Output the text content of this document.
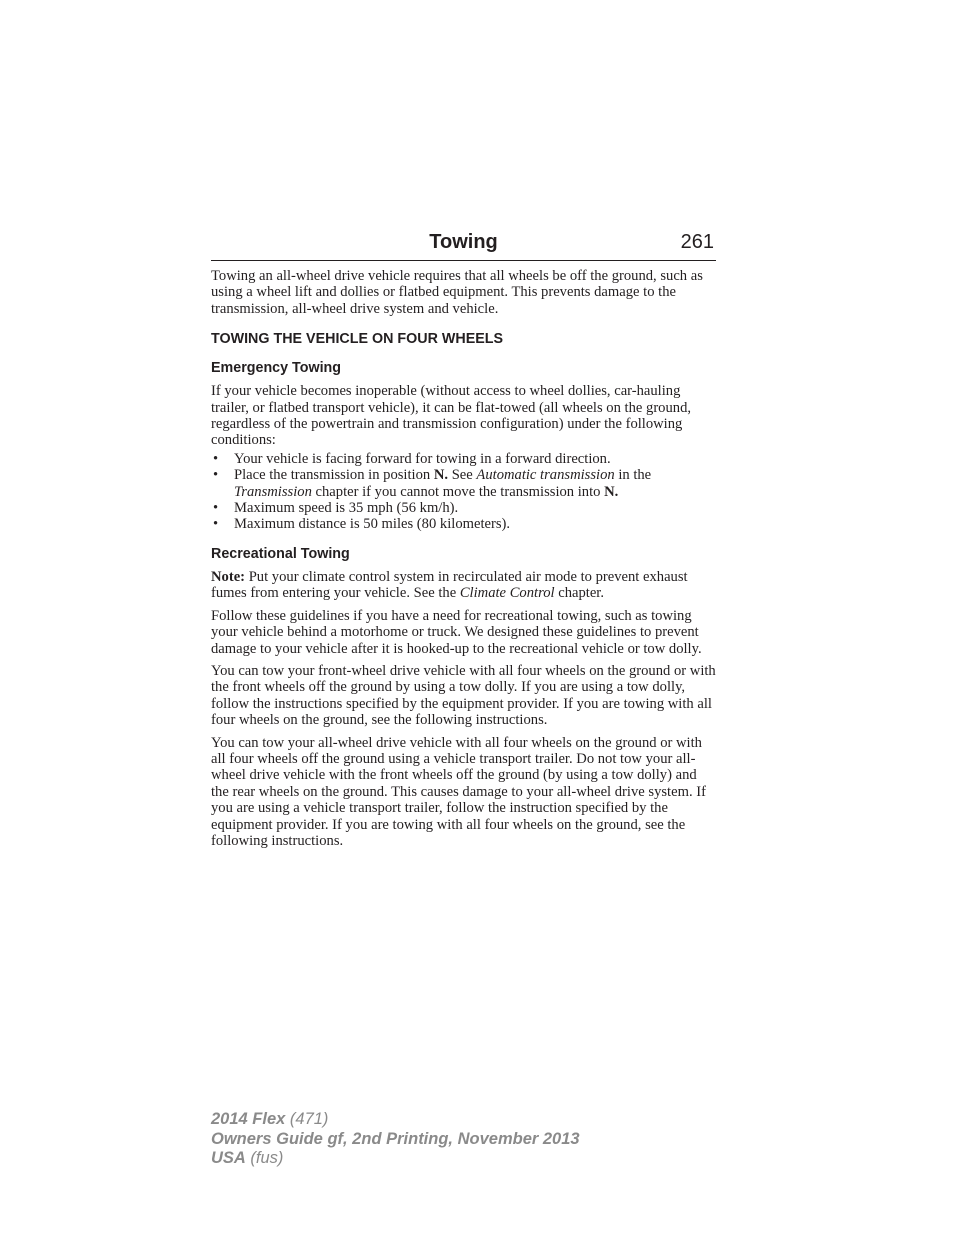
Towing	261

Towing an all-wheel drive vehicle requires that all wheels be off the ground, such as using a wheel lift and dollies or flatbed equipment. This prevents damage to the transmission, all-wheel drive system and vehicle.

TOWING THE VEHICLE ON FOUR WHEELS
Emergency Towing

If your vehicle becomes inoperable (without access to wheel dollies, car-hauling trailer, or flatbed transport vehicle), it can be flat-towed (all wheels on the ground, regardless of the powertrain and transmission configuration) under the following conditions:

• Your vehicle is facing forward for towing in a forward direction.
• Place the transmission in position N. See Automatic transmission in the Transmission chapter if you cannot move the transmission into N.
• Maximum speed is 35 mph (56 km/h).
• Maximum distance is 50 miles (80 kilometers).
Recreational Towing

Note: Put your climate control system in recirculated air mode to prevent exhaust fumes from entering your vehicle. See the Climate Control chapter.

Follow these guidelines if you have a need for recreational towing, such as towing your vehicle behind a motorhome or truck. We designed these guidelines to prevent damage to your vehicle after it is hooked-up to the recreational vehicle or tow dolly.

You can tow your front-wheel drive vehicle with all four wheels on the ground or with the front wheels off the ground by using a tow dolly. If you are using a tow dolly, follow the instructions specified by the equipment provider. If you are towing with all four wheels on the ground, see the following instructions.

You can tow your all-wheel drive vehicle with all four wheels on the ground or with all four wheels off the ground using a vehicle transport trailer. Do not tow your all-wheel drive vehicle with the front wheels off the ground (by using a tow dolly) and the rear wheels on the ground. This causes damage to your all-wheel drive system. If you are using a vehicle transport trailer, follow the instruction specified by the equipment provider. If you are towing with all four wheels on the ground, see the following instructions.

2014 Flex (471)
Owners Guide gf, 2nd Printing, November 2013
USA (fus)
